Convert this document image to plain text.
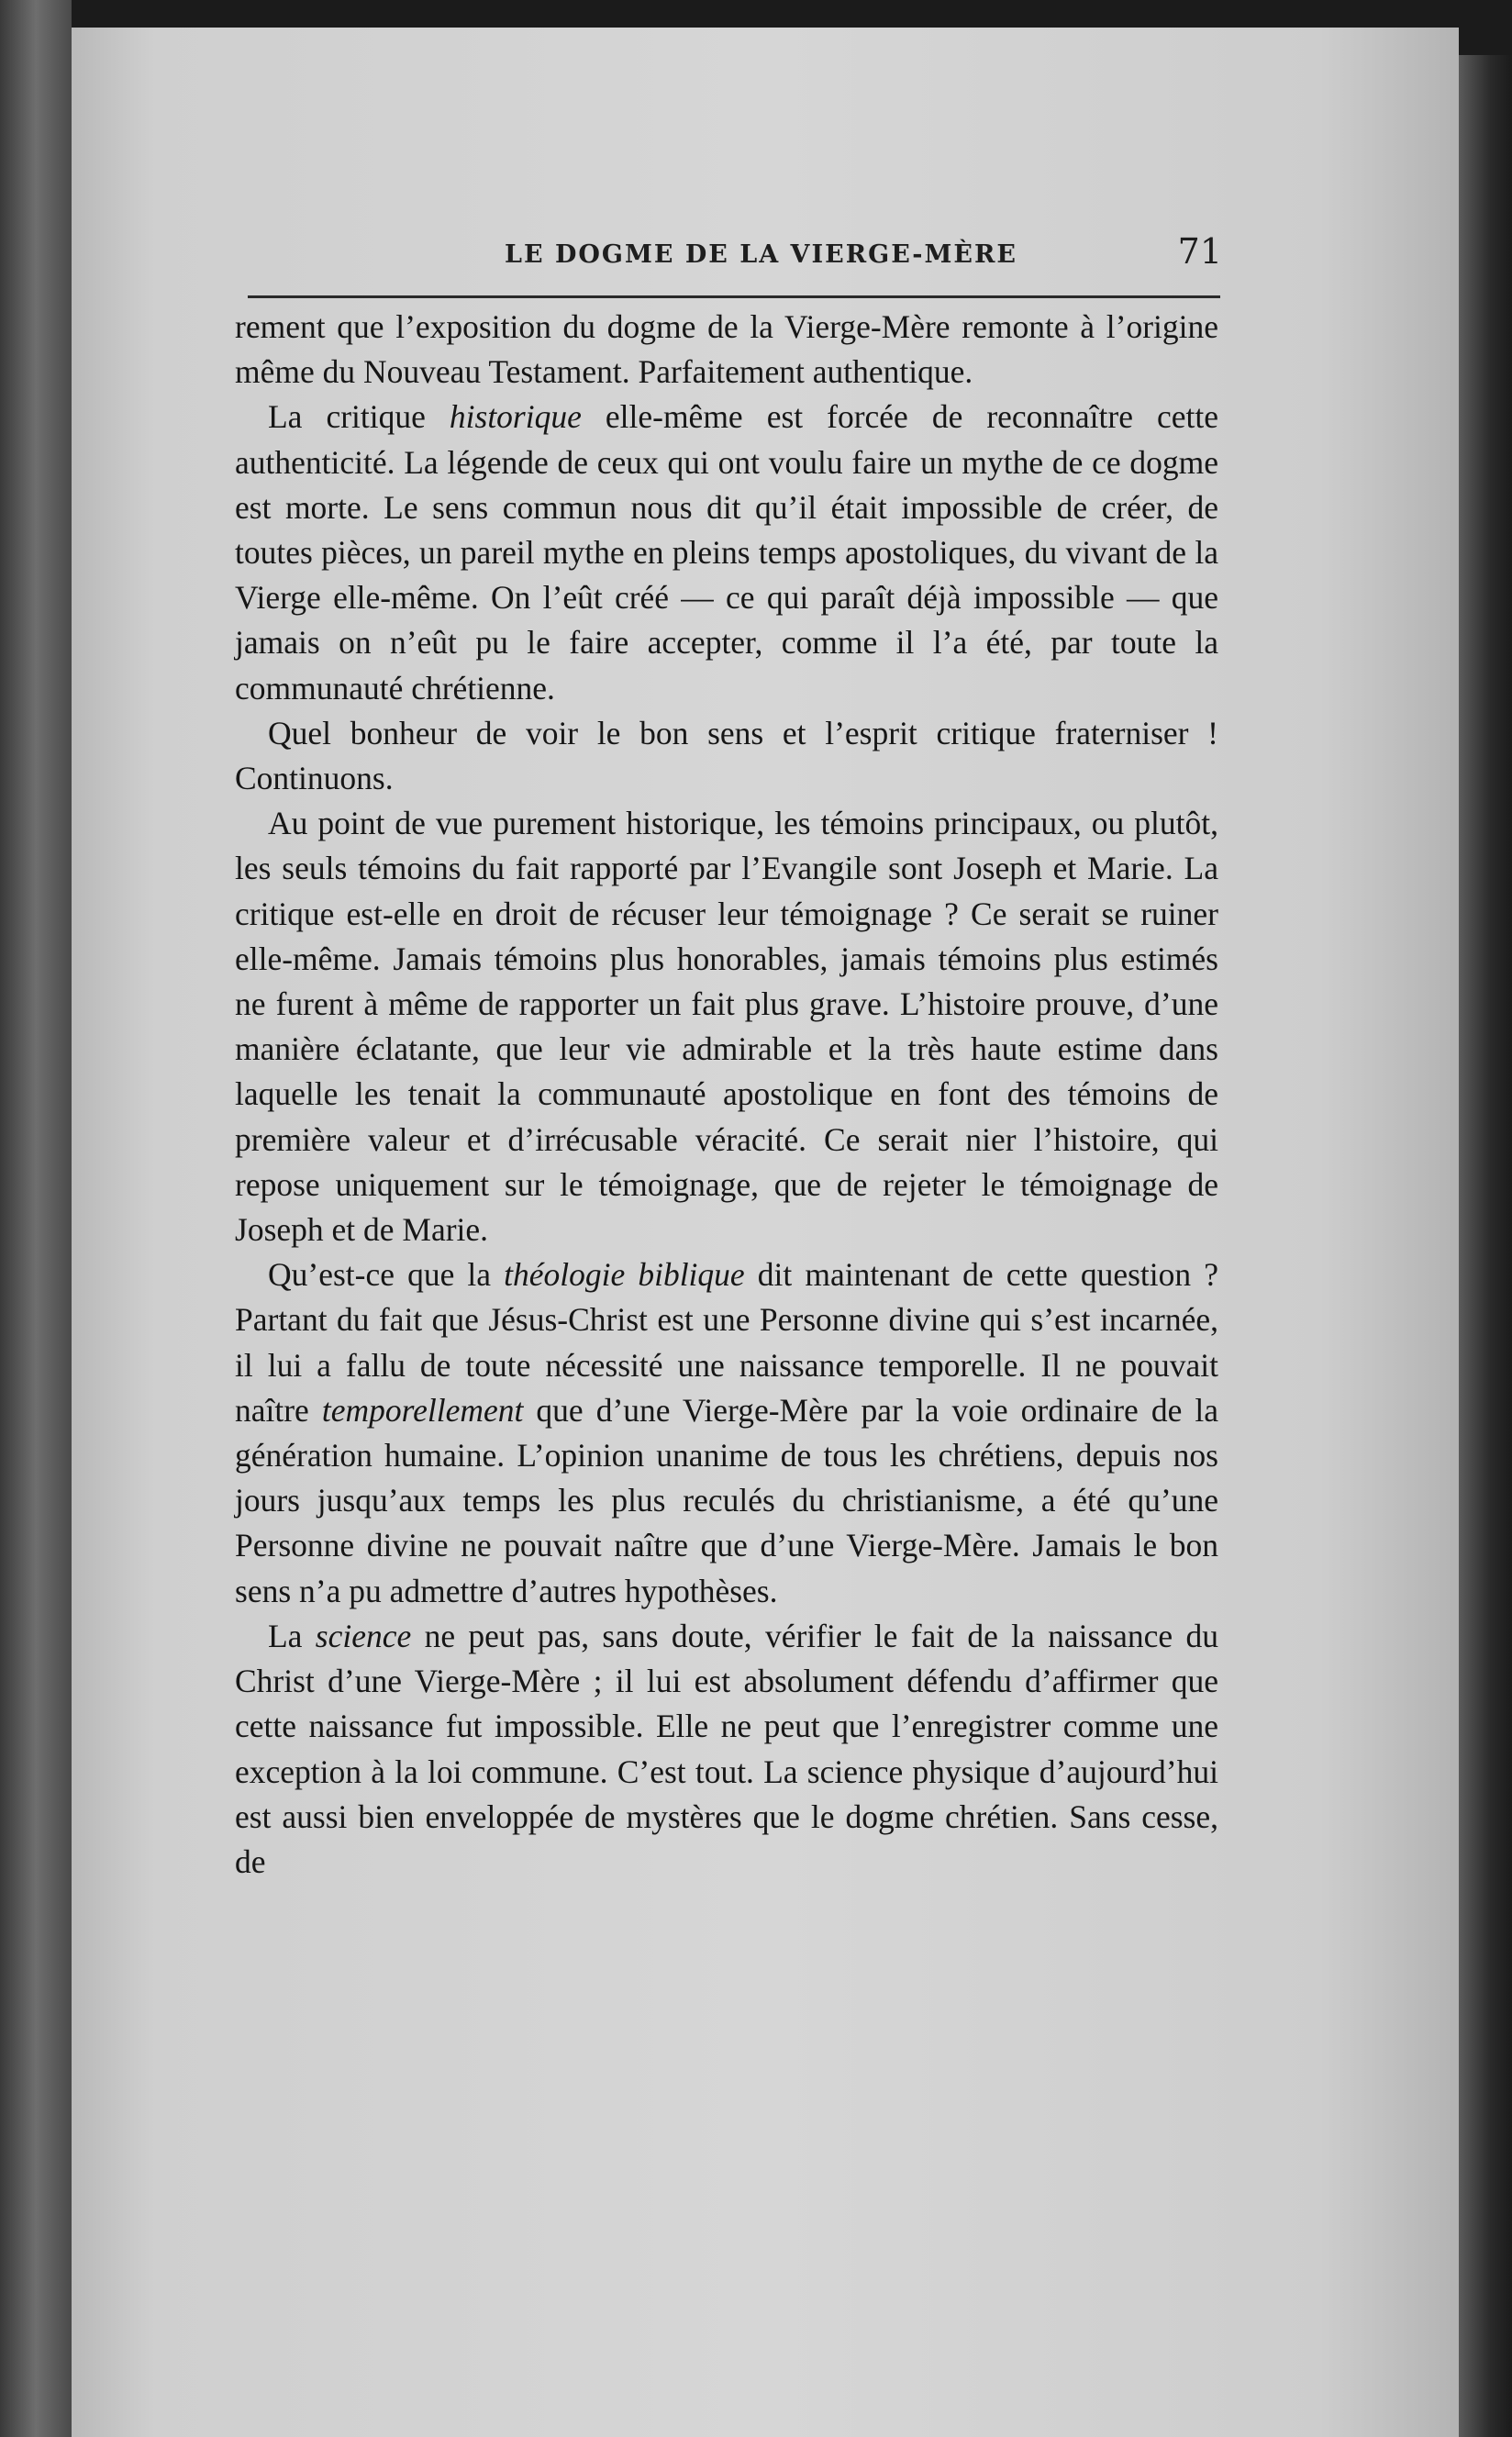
LE DOGME DE LA VIERGE-MÈRE	71

rement que l’exposition du dogme de la Vierge-Mère remonte à l’origine même du Nouveau Testament. Parfaitement authentique.

La critique historique elle-même est forcée de reconnaître cette authenticité. La légende de ceux qui ont voulu faire un mythe de ce dogme est morte. Le sens commun nous dit qu’il était impossible de créer, de toutes pièces, un pareil mythe en pleins temps apostoliques, du vivant de la Vierge elle-même. On l’eût créé — ce qui paraît déjà impossible — que jamais on n’eût pu le faire accepter, comme il l’a été, par toute la communauté chrétienne.

Quel bonheur de voir le bon sens et l’esprit critique fraterniser ! Continuons.

Au point de vue purement historique, les témoins principaux, ou plutôt, les seuls témoins du fait rapporté par l’Evangile sont Joseph et Marie. La critique est-elle en droit de récuser leur témoignage ? Ce serait se ruiner elle-même. Jamais témoins plus honorables, jamais témoins plus estimés ne furent à même de rapporter un fait plus grave. L’histoire prouve, d’une manière éclatante, que leur vie admirable et la très haute estime dans laquelle les tenait la communauté apostolique en font des témoins de première valeur et d’irrécusable véracité. Ce serait nier l’histoire, qui repose uniquement sur le témoignage, que de rejeter le témoignage de Joseph et de Marie.

Qu’est-ce que la théologie biblique dit maintenant de cette question ? Partant du fait que Jésus-Christ est une Personne divine qui s’est incarnée, il lui a fallu de toute nécessité une naissance temporelle. Il ne pouvait naître temporellement que d’une Vierge-Mère par la voie ordinaire de la génération humaine. L’opinion unanime de tous les chrétiens, depuis nos jours jusqu’aux temps les plus reculés du christianisme, a été qu’une Personne divine ne pouvait naître que d’une Vierge-Mère. Jamais le bon sens n’a pu admettre d’autres hypothèses.

La science ne peut pas, sans doute, vérifier le fait de la naissance du Christ d’une Vierge-Mère ; il lui est absolument défendu d’affirmer que cette naissance fut impossible. Elle ne peut que l’enregistrer comme une exception à la loi commune. C’est tout. La science physique d’aujourd’hui est aussi bien enveloppée de mystères que le dogme chrétien. Sans cesse, de
